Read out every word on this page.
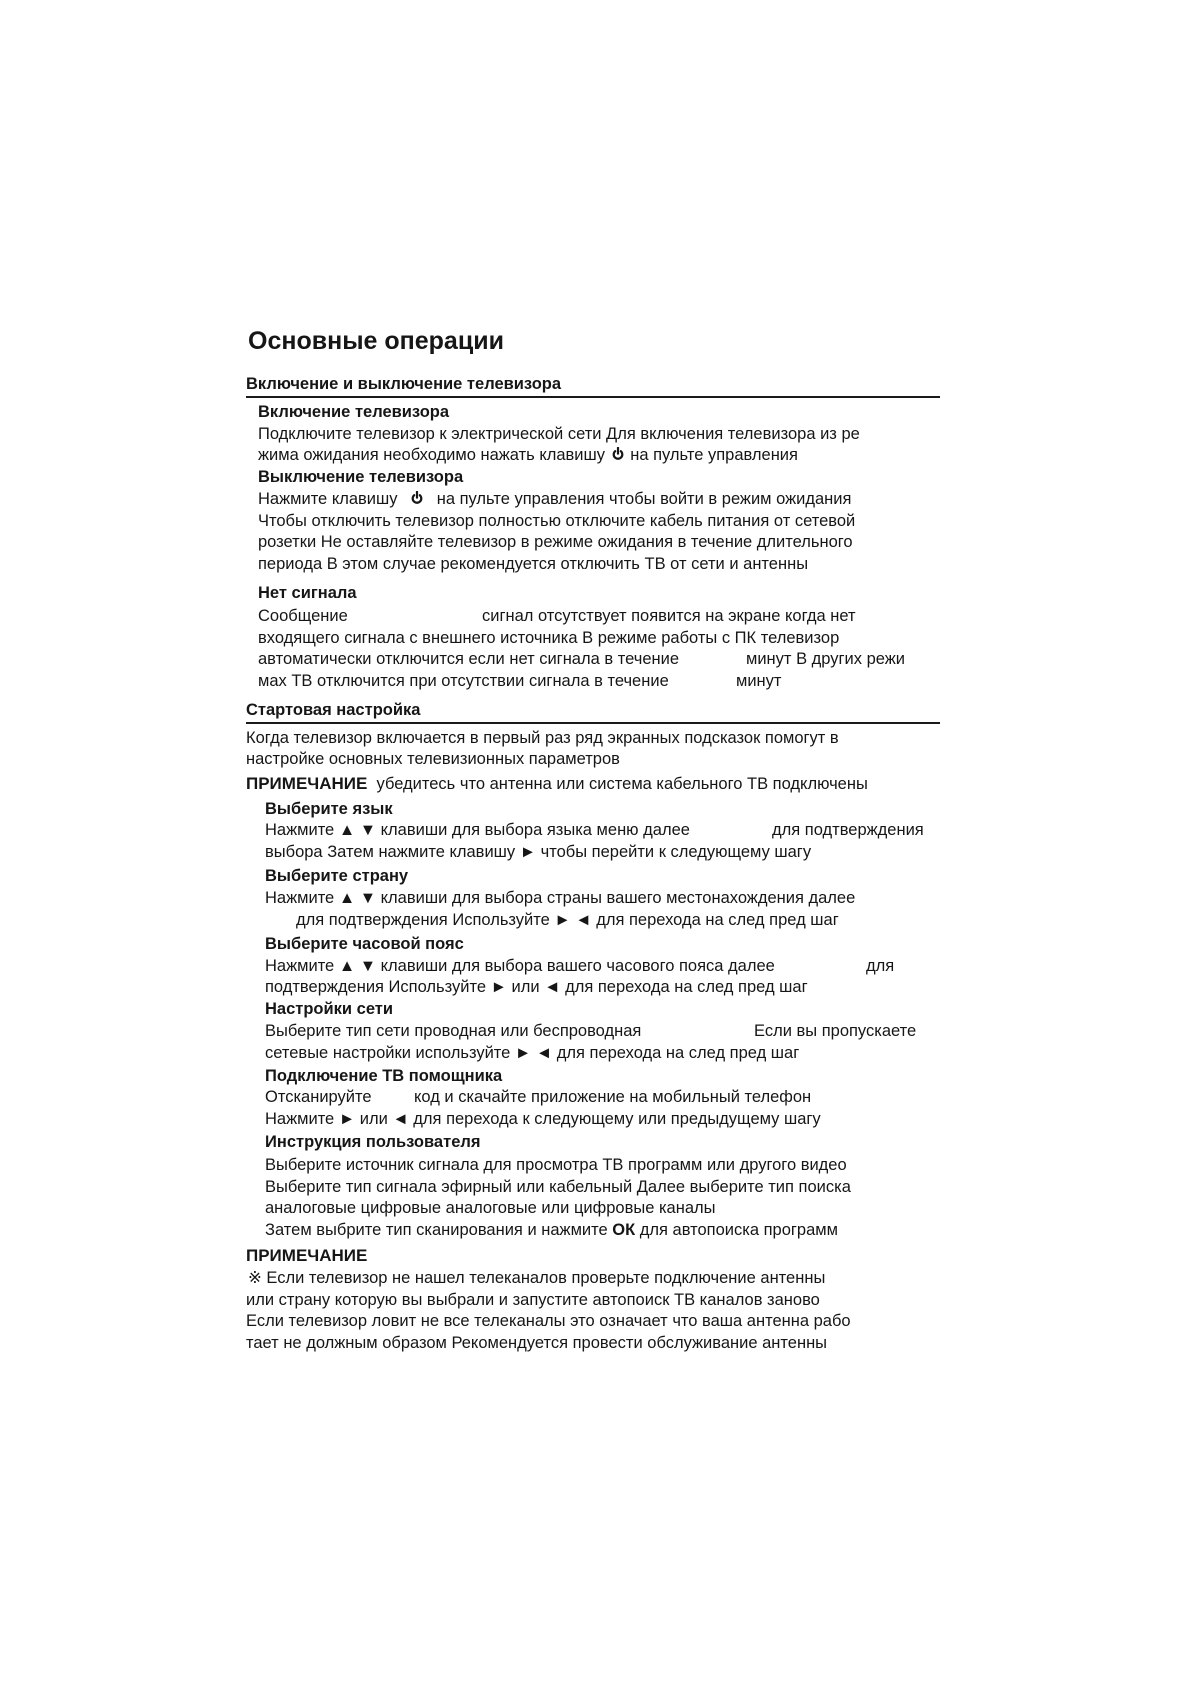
Основные операции
Включение и выключение телевизора
Включение телевизора
Подключите телевизор к электрической сети Для включения телевизора из ре
жима ожидания необходимо нажать клавишу на пульте управления
Выключение телевизора
Нажмите клавишу на пульте управления чтобы войти в режим ожидания
Чтобы отключить телевизор полностью отключите кабель питания от сетевой
розетки Не оставляйте телевизор в режиме ожидания в течение длительного
периода В этом случае рекомендуется отключить ТВ от сети и антенны
Нет сигнала
Сообщение	сигнал отсутствует появится на экране когда нет
входящего сигнала с внешнего источника В режиме работы с ПК телевизор
автоматически отключится если нет сигнала в течение	минут В других режи
мах ТВ отключится при отсутствии сигнала в течение	минут
Стартовая настройка
Когда телевизор включается в первый раз ряд экранных подсказок помогут в
настройке основных телевизионных параметров
ПРИМЕЧАНИЕ убедитесь что антенна или система кабельного ТВ подключены
Выберите язык
Нажмите ▲ ▼ клавиши для выбора языка меню далее	для подтверждения
выбора Затем нажмите клавишу ► чтобы перейти к следующему шагу
Выберите страну
Нажмите ▲ ▼ клавиши для выбора страны вашего местонахождения далее
для подтверждения Используйте ► ◄ для перехода на след пред шаг
Выберите часовой пояс
Нажмите ▲ ▼ клавиши для выбора вашего часового пояса далее	для
подтверждения Используйте ► или ◄ для перехода на след пред шаг
Настройки сети
Выберите тип сети проводная или беспроводная	Если вы пропускаете
сетевые настройки используйте ► ◄ для перехода на след пред шаг
Подключение ТВ помощника
Отсканируйте	код и скачайте приложение на мобильный телефон
Нажмите ► или ◄ для перехода к следующему или предыдущему шагу
Инструкция пользователя
Выберите источник сигнала для просмотра ТВ программ или другого видео
Выберите тип сигнала эфирный или кабельный Далее выберите тип поиска
аналоговые цифровые аналоговые или цифровые каналы
Затем выбрите тип сканирования и нажмите ОК для автопоиска программ
ПРИМЕЧАНИЕ
※ Если телевизор не нашел телеканалов проверьте подключение антенны
или страну которую вы выбрали и запустите автопоиск ТВ каналов заново
Если телевизор ловит не все телеканалы это означает что ваша антенна рабо
тает не должным образом Рекомендуется провести обслуживание антенны
